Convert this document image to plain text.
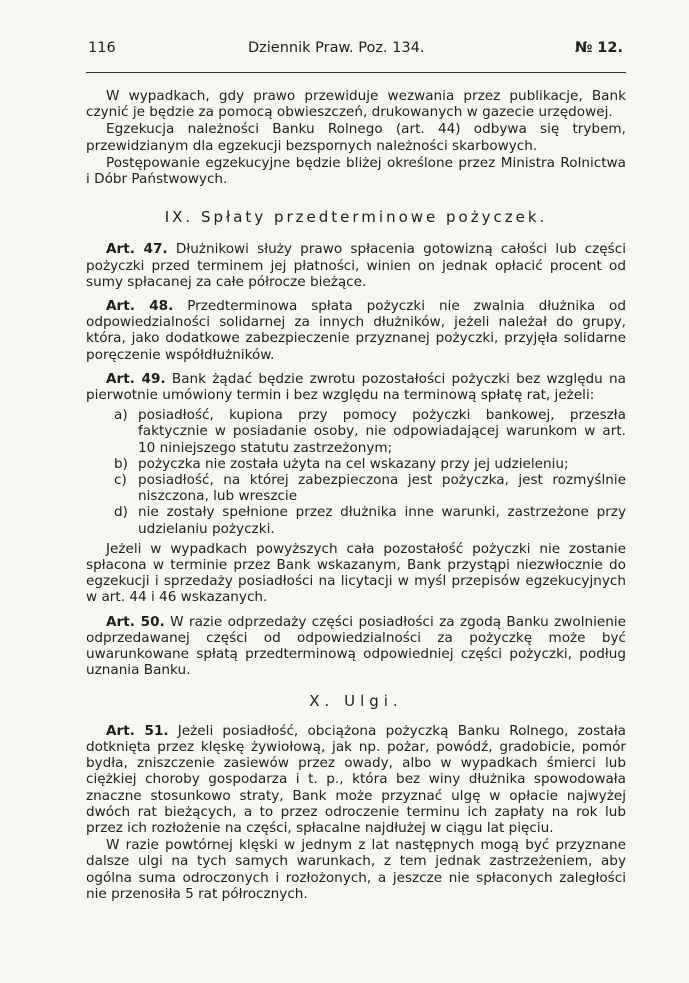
116	Dziennik Praw. Poz. 134.	№ 12.

W wypadkach, gdy prawo przewiduje wezwania przez publikacje, Bank czynić je będzie za pomocą obwieszczeń, drukowanych w gazecie urzędowej.

Egzekucja należności Banku Rolnego (art. 44) odbywa się trybem, przewidzianym dla egzekucji bezspornych należności skarbowych.

Postępowanie egzekucyjne będzie bliżej określone przez Ministra Rolnictwa i Dóbr Państwowych.

IX. Spłaty przedterminowe pożyczek.

Art. 47. Dłużnikowi służy prawo spłacenia gotowizną całości lub części pożyczki przed terminem jej płatności, winien on jednak opłacić procent od sumy spłacanej za całe półrocze bieżące.

Art. 48. Przedterminowa spłata pożyczki nie zwalnia dłużnika od odpowiedzialności solidarnej za innych dłużników, jeżeli należał do grupy, która, jako dodatkowe zabezpieczenie przyznanej pożyczki, przyjęła solidarne poręczenie współdłużników.

Art. 49. Bank żądać będzie zwrotu pozostałości pożyczki bez względu na pierwotnie umówiony termin i bez względu na terminową spłatę rat, jeżeli:

a) posiadłość, kupiona przy pomocy pożyczki bankowej, przeszła faktycznie w posiadanie osoby, nie odpowiadającej warunkom w art. 10 niniejszego statutu zastrzeżonym;
b) pożyczka nie została użyta na cel wskazany przy jej udzieleniu;
c) posiadłość, na której zabezpieczona jest pożyczka, jest rozmyślnie niszczona, lub wreszcie
d) nie zostały spełnione przez dłużnika inne warunki, zastrzeżone przy udzielaniu pożyczki.

Jeżeli w wypadkach powyższych cała pozostałość pożyczki nie zostanie spłacona w terminie przez Bank wskazanym, Bank przystąpi niezwłocznie do egzekucji i sprzedaży posiadłości na licytacji w myśl przepisów egzekucyjnych w art. 44 i 46 wskazanych.

Art. 50. W razie odprzedaży części posiadłości za zgodą Banku zwolnienie odprzedawanej części od odpowiedzialności za pożyczkę może być uwarunkowane spłatą przedterminową odpowiedniej części pożyczki, podług uznania Banku.

X. Ulgi.

Art. 51. Jeżeli posiadłość, obciążona pożyczką Banku Rolnego, została dotknięta przez klęskę żywiołową, jak np. pożar, powódź, gradobicie, pomór bydła, zniszczenie zasiewów przez owady, albo w wypadkach śmierci lub ciężkiej choroby gospodarza i t. p., która bez winy dłużnika spowodowała znaczne stosunkowo straty, Bank może przyznać ulgę w opłacie najwyżej dwóch rat bieżących, a to przez odroczenie terminu ich zapłaty na rok lub przez ich rozłożenie na części, spłacalne najdłużej w ciągu lat pięciu.

W razie powtórnej klęski w jednym z lat następnych mogą być przyznane dalsze ulgi na tych samych warunkach, z tem jednak zastrzeżeniem, aby ogólna suma odroczonych i rozłożonych, a jeszcze nie spłaconych zaległości nie przenosiła 5 rat półrocznych.
